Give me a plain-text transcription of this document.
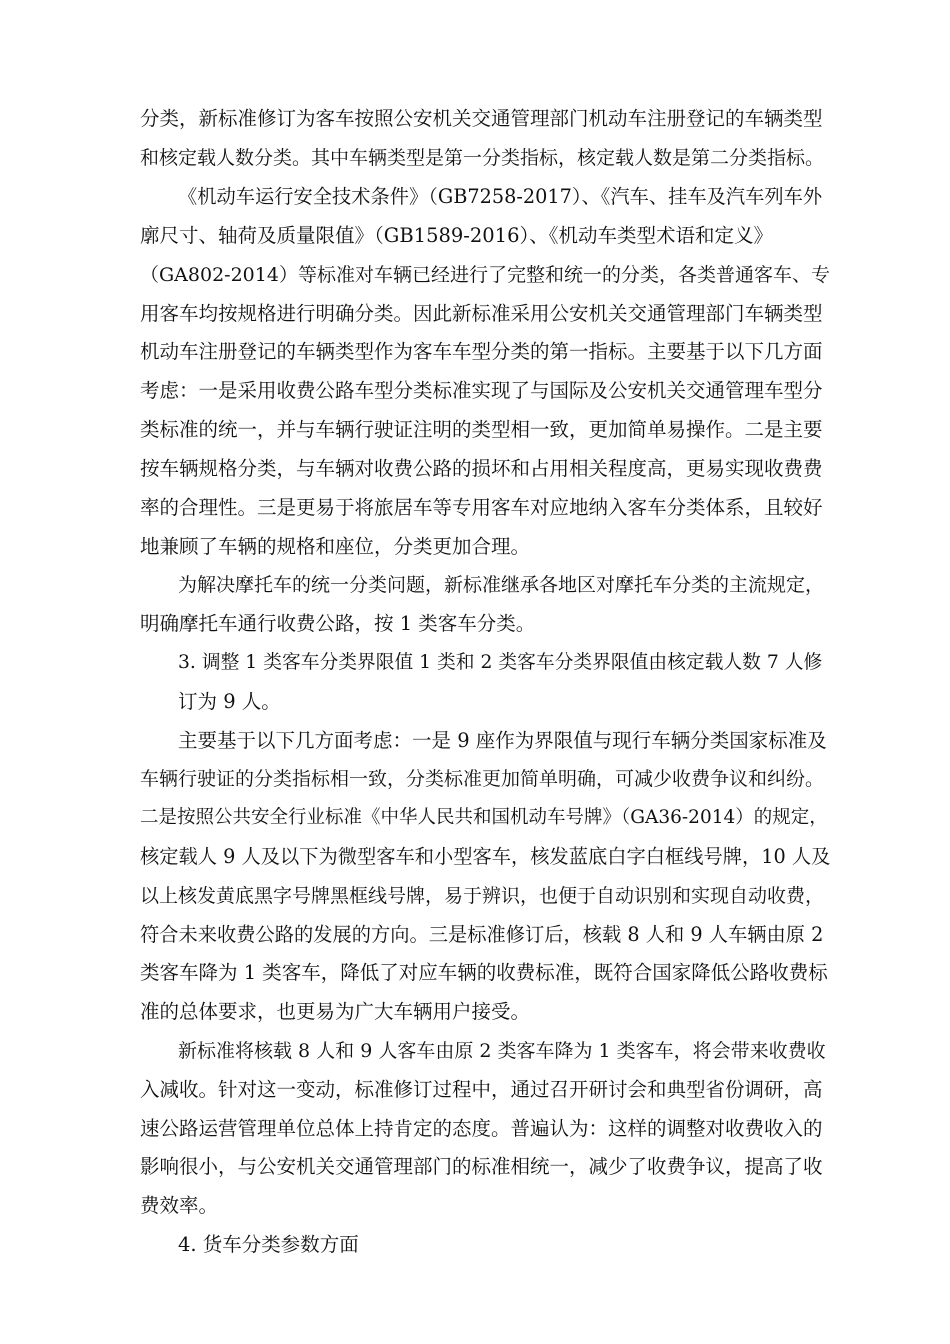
分类，新标准修订为客车按照公安机关交通管理部门机动车注册登记的车辆类型

和核定载人数分类。其中车辆类型是第一分类指标，核定载人数是第二分类指标。

《机动车运行安全技术条件》（GB7258-2017）、《汽车、挂车及汽车列车外

廓尺寸、轴荷及质量限值》（GB1589-2016）、《机动车类型术语和定义》

（GA802-2014）等标准对车辆已经进行了完整和统一的分类，各类普通客车、专

用客车均按规格进行明确分类。因此新标准采用公安机关交通管理部门车辆类型

机动车注册登记的车辆类型作为客车车型分类的第一指标。主要基于以下几方面

考虑：一是采用收费公路车型分类标准实现了与国际及公安机关交通管理车型分

类标准的统一，并与车辆行驶证注明的类型相一致，更加简单易操作。二是主要

按车辆规格分类，与车辆对收费公路的损坏和占用相关程度高，更易实现收费费

率的合理性。三是更易于将旅居车等专用客车对应地纳入客车分类体系，且较好

地兼顾了车辆的规格和座位，分类更加合理。

为解决摩托车的统一分类问题，新标准继承各地区对摩托车分类的主流规定，

明确摩托车通行收费公路，按 1 类客车分类。

3. 调整 1 类客车分类界限值 1 类和 2 类客车分类界限值由核定载人数 7 人修

订为 9 人。

主要基于以下几方面考虑：一是 9 座作为界限值与现行车辆分类国家标准及

车辆行驶证的分类指标相一致，分类标准更加简单明确，可减少收费争议和纠纷。

二是按照公共安全行业标准《中华人民共和国机动车号牌》（GA36-2014）的规定，

核定载人 9 人及以下为微型客车和小型客车，核发蓝底白字白框线号牌，10 人及

以上核发黄底黑字号牌黑框线号牌，易于辨识，也便于自动识别和实现自动收费，

符合未来收费公路的发展的方向。三是标准修订后，核载 8 人和 9 人车辆由原 2

类客车降为 1 类客车，降低了对应车辆的收费标准，既符合国家降低公路收费标

准的总体要求，也更易为广大车辆用户接受。

新标准将核载 8 人和 9 人客车由原 2 类客车降为 1 类客车，将会带来收费收

入减收。针对这一变动，标准修订过程中，通过召开研讨会和典型省份调研，高

速公路运营管理单位总体上持肯定的态度。普遍认为：这样的调整对收费收入的

影响很小，与公安机关交通管理部门的标准相统一，减少了收费争议，提高了收

费效率。

4. 货车分类参数方面
